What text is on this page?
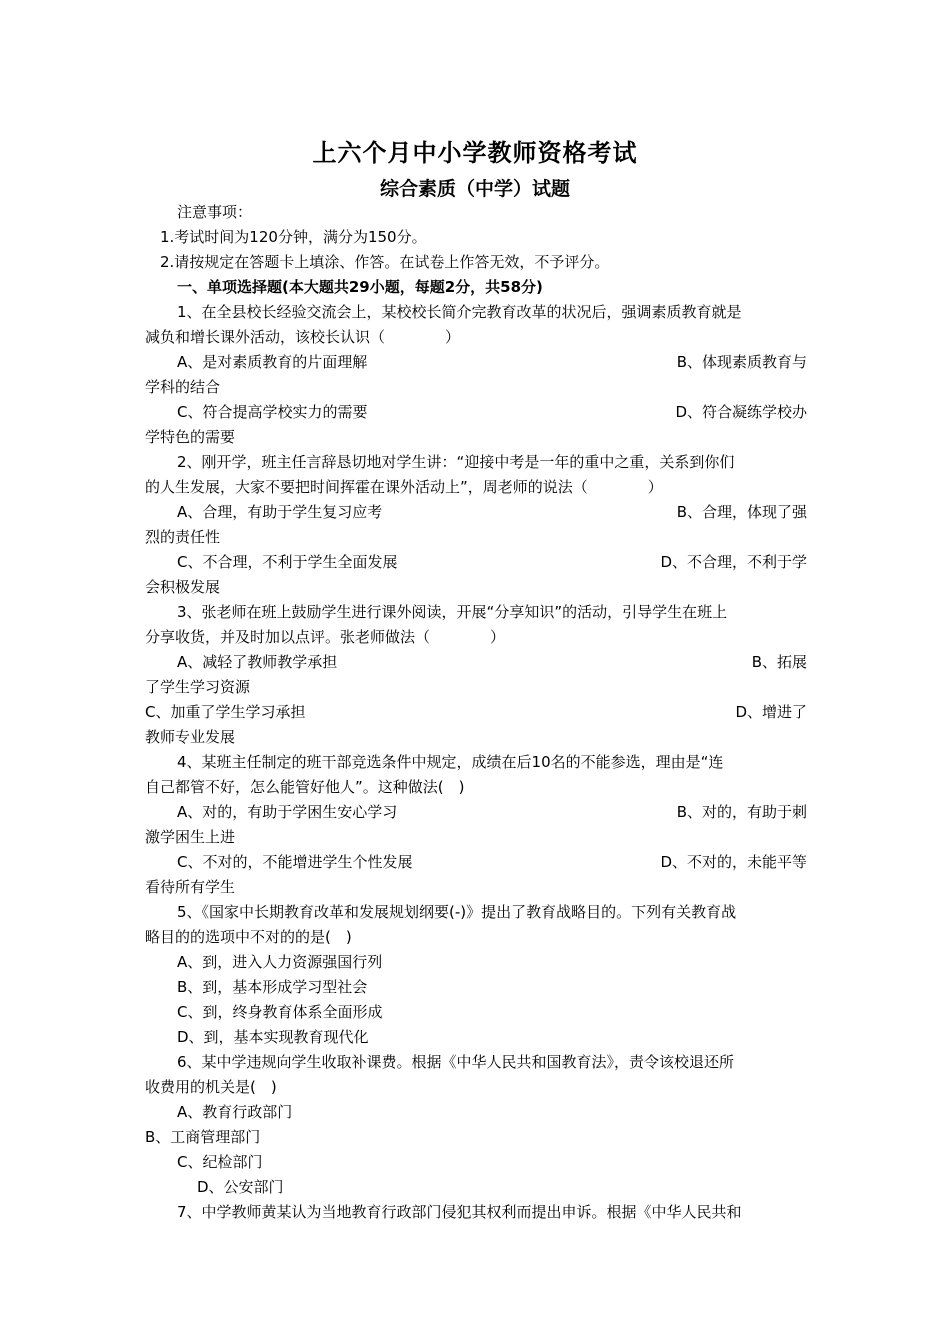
上六个月中小学教师资格考试
综合素质（中学）试题

注意事项：

1.考试时间为120分钟，满分为150分。

2.请按规定在答题卡上填涂、作答。在试卷上作答无效，不予评分。

一、单项选择题(本大题共29小题，每题2分，共58分)

1、在全县校长经验交流会上，某校校长简介完教育改革的状况后，强调素质教育就是

减负和增长课外活动，该校长认识（　　　　）

A、是对素质教育的片面理解	B、体现素质教育与

学科的结合

C、符合提高学校实力的需要	D、符合凝练学校办

学特色的需要

2、刚开学，班主任言辞恳切地对学生讲：“迎接中考是一年的重中之重，关系到你们

的人生发展，大家不要把时间挥霍在课外活动上”，周老师的说法（　　　　）

A、合理，有助于学生复习应考	B、合理，体现了强

烈的责任性

C、不合理，不利于学生全面发展	D、不合理，不利于学

会积极发展

3、张老师在班上鼓励学生进行课外阅读，开展“分享知识”的活动，引导学生在班上

分享收货，并及时加以点评。张老师做法（　　　　）

A、减轻了教师教学承担	B、拓展

了学生学习资源

C、加重了学生学习承担	D、增进了

教师专业发展

4、某班主任制定的班干部竞选条件中规定，成绩在后10名的不能参选，理由是“连

自己都管不好，怎么能管好他人”。这种做法(　)

A、对的，有助于学困生安心学习	B、对的，有助于刺

激学困生上进

C、不对的，不能增进学生个性发展	D、不对的，未能平等

看待所有学生

5、《国家中长期教育改革和发展规划纲要(-)》提出了教育战略目的。下列有关教育战

略目的的选项中不对的的是(　)

A、到，进入人力资源强国行列

B、到，基本形成学习型社会

C、到，终身教育体系全面形成

D、到，基本实现教育现代化

6、某中学违规向学生收取补课费。根据《中华人民共和国教育法》，责令该校退还所

收费用的机关是(　)

A、教育行政部门

B、工商管理部门

C、纪检部门

D、公安部门

7、中学教师黄某认为当地教育行政部门侵犯其权利而提出申诉。根据《中华人民共和
